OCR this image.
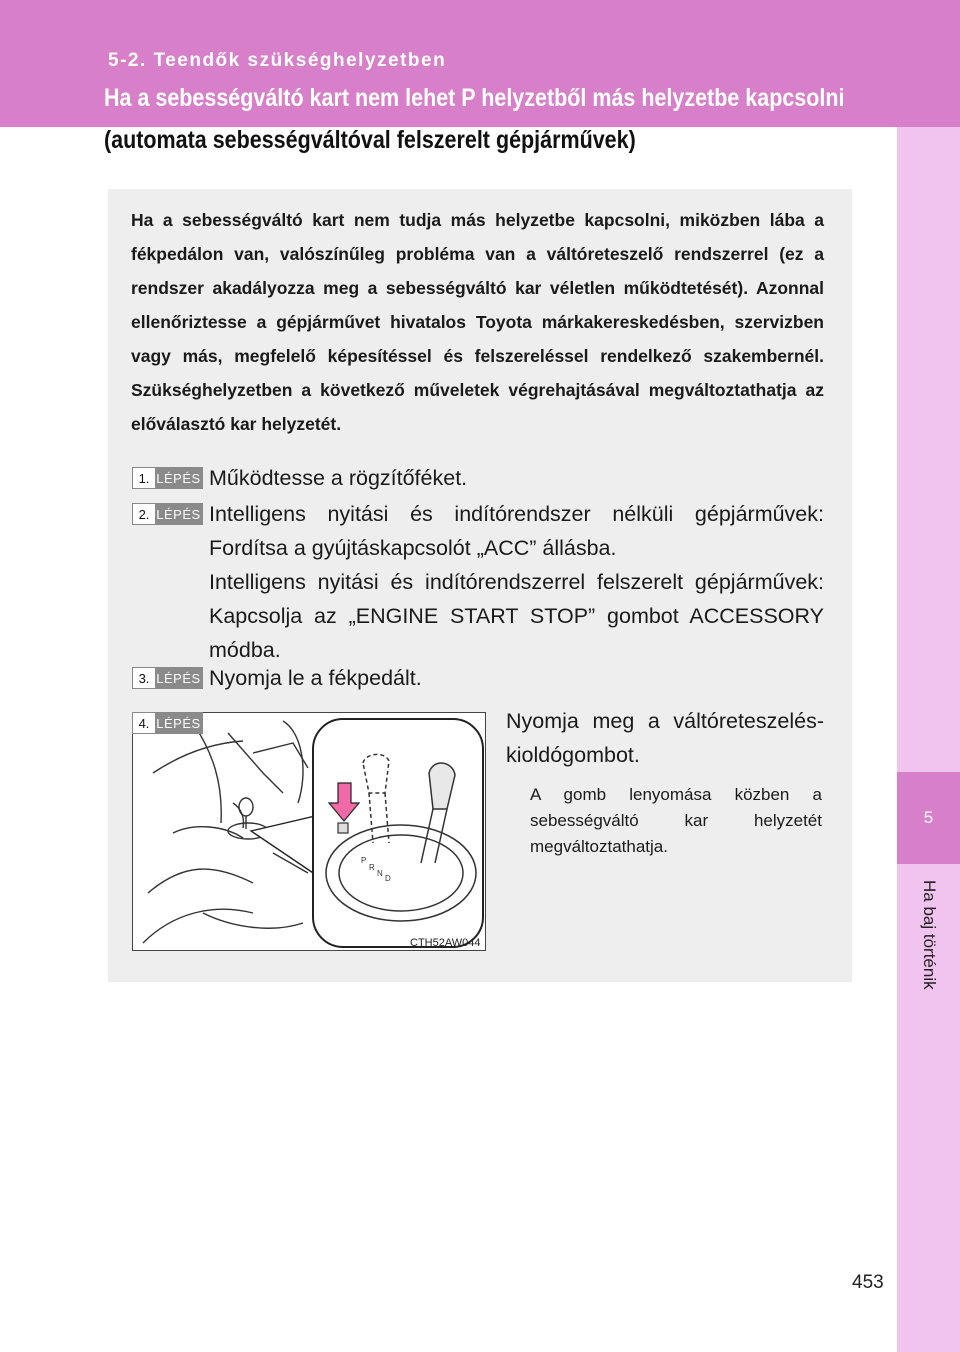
5-2. Teendők szükséghelyzetben
Ha a sebességváltó kart nem lehet P helyzetből más helyzetbe kapcsolni
(automata sebességváltóval felszerelt gépjárművek)
5
Ha baj történik
Ha a sebességváltó kart nem tudja más helyzetbe kapcsolni, miközben lába a fékpedálon van, valószínűleg probléma van a váltóreteszelő rendszerrel (ez a rendszer akadályozza meg a sebességváltó kar véletlen működtetését). Azonnal ellenőriztesse a gépjárművet hivatalos Toyota márkakereskedésben, szervizben vagy más, megfelelő képesítéssel és felszereléssel rendelkező szakembernél. Szükséghelyzetben a következő műveletek végrehajtásával megváltoztathatja az előválasztó kar helyzetét.
1. LÉPÉS Működtesse a rögzítőféket.
2. LÉPÉS Intelligens nyitási és indítórendszer nélküli gépjárművek: Fordítsa a gyújtáskapcsolót „ACC” állásba.
Intelligens nyitási és indítórendszerrel felszerelt gépjárművek: Kapcsolja az „ENGINE START STOP” gombot ACCESSORY módba.
3. LÉPÉS Nyomja le a fékpedált.
P
R
N
D
4. LÉPÉS
CTH52AW044
Nyomja meg a váltóreteszelés-kioldógombot.
A gomb lenyomása közben a sebességváltó kar helyzetét megváltoztathatja.
453
